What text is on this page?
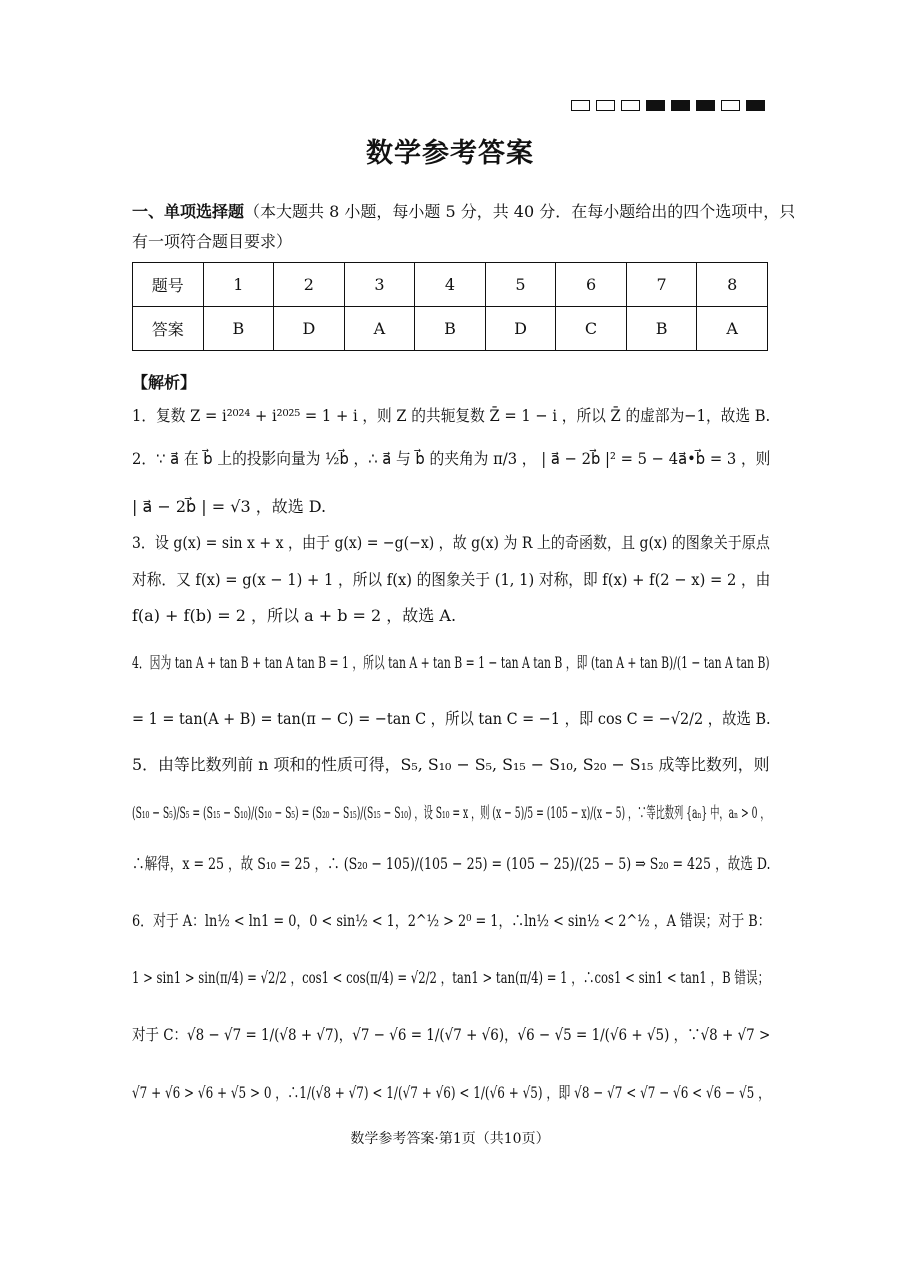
数学参考答案
一、单项选择题（本大题共 8 小题，每小题 5 分，共 40 分．在每小题给出的四个选项中，只
有一项符合题目要求）
题号	1	2	3	4	5	6	7	8
答案	B	D	A	B	D	C	B	A
【解析】
1．复数 Z = i²⁰²⁴ + i²⁰²⁵ = 1 + i ，则 Z 的共轭复数 Z̄ = 1 − i ，所以 Z̄ 的虚部为−1，故选 B.
2．∵ a⃗ 在 b⃗ 上的投影向量为 ½b⃗ ，∴ a⃗ 与 b⃗ 的夹角为 π/3 ， | a⃗ − 2b⃗ |² = 5 − 4a⃗•b⃗ = 3 ，则
| a⃗ − 2b⃗ | = √3 ，故选 D.
3．设 g(x) = sin x + x ，由于 g(x) = −g(−x) ，故 g(x) 为 R 上的奇函数，且 g(x) 的图象关于原点
对称．又 f(x) = g(x − 1) + 1 ，所以 f(x) 的图象关于 (1, 1) 对称，即 f(x) + f(2 − x) = 2 ，由
f(a) + f(b) = 2 ，所以 a + b = 2 ，故选 A.
4．因为 tan A + tan B + tan A tan B = 1 ，所以 tan A + tan B = 1 − tan A tan B ，即 (tan A + tan B)/(1 − tan A tan B)
= 1 = tan(A + B) = tan(π − C) = −tan C ，所以 tan C = −1 ，即 cos C = −√2/2 ，故选 B.
5．由等比数列前 n 项和的性质可得，S₅, S₁₀ − S₅, S₁₅ − S₁₀, S₂₀ − S₁₅ 成等比数列，则
(S₁₀ − S₅)/S₅ = (S₁₅ − S₁₀)/(S₁₀ − S₅) = (S₂₀ − S₁₅)/(S₁₅ − S₁₀) ，设 S₁₀ = x ，则 (x − 5)/5 = (105 − x)/(x − 5) ，∵等比数列 {aₙ} 中，aₙ > 0 ，
∴解得，x = 25 ，故 S₁₀ = 25 ，∴ (S₂₀ − 105)/(105 − 25) = (105 − 25)/(25 − 5) ⇒ S₂₀ = 425 ，故选 D.
6．对于 A：ln½ < ln1 = 0，0 < sin½ < 1，2^½ > 2⁰ = 1，∴ln½ < sin½ < 2^½ ，A 错误；对于 B：
1 > sin1 > sin(π/4) = √2/2 ，cos1 < cos(π/4) = √2/2 ，tan1 > tan(π/4) = 1 ，∴cos1 < sin1 < tan1 ，B 错误；
对于 C：√8 − √7 = 1/(√8 + √7)，√7 − √6 = 1/(√7 + √6)，√6 − √5 = 1/(√6 + √5) ，∵√8 + √7 >
√7 + √6 > √6 + √5 > 0 ，∴1/(√8 + √7) < 1/(√7 + √6) < 1/(√6 + √5) ，即 √8 − √7 < √7 − √6 < √6 − √5 ，
数学参考答案·第1页（共10页）
